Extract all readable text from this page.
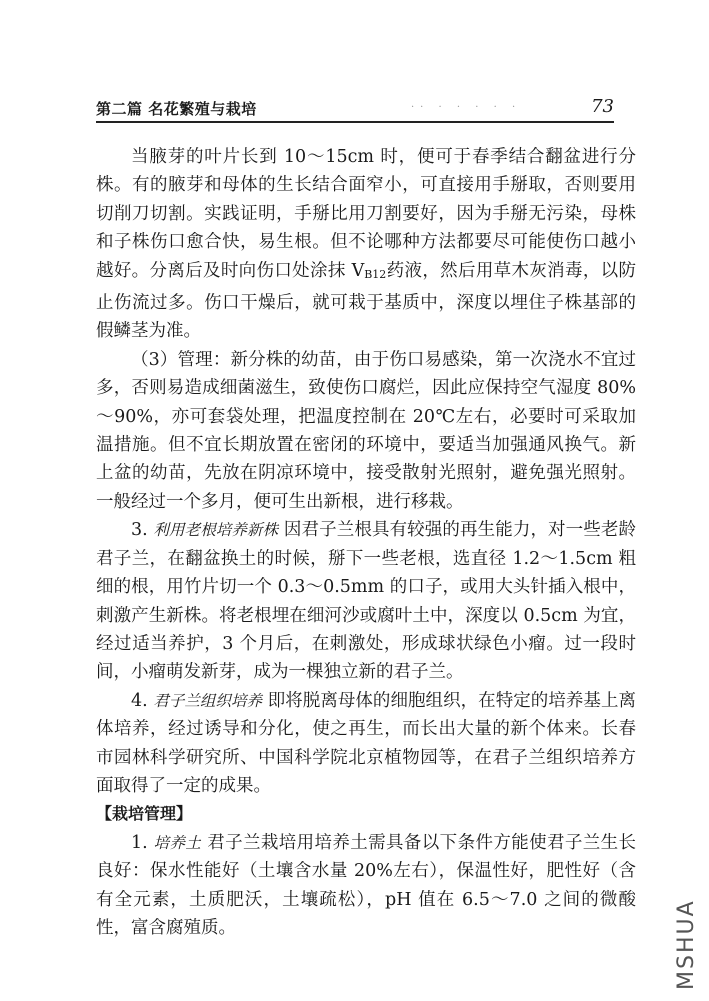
第二篇 名花繁殖与栽培	·· · · · · ·	73

当腋芽的叶片长到 10～15cm 时，便可于春季结合翻盆进行分株。有的腋芽和母体的生长结合面窄小，可直接用手掰取，否则要用切削刀切割。实践证明，手掰比用刀割要好，因为手掰无污染，母株和子株伤口愈合快，易生根。但不论哪种方法都要尽可能使伤口越小越好。分离后及时向伤口处涂抹 VB12药液，然后用草木灰消毒，以防止伤流过多。伤口干燥后，就可栽于基质中，深度以埋住子株基部的假鳞茎为准。

（3）管理：新分株的幼苗，由于伤口易感染，第一次浇水不宜过多，否则易造成细菌滋生，致使伤口腐烂，因此应保持空气湿度 80%～90%，亦可套袋处理，把温度控制在 20℃左右，必要时可采取加温措施。但不宜长期放置在密闭的环境中，要适当加强通风换气。新上盆的幼苗，先放在阴凉环境中，接受散射光照射，避免强光照射。一般经过一个多月，便可生出新根，进行移栽。

3. 利用老根培养新株 因君子兰根具有较强的再生能力，对一些老龄君子兰，在翻盆换土的时候，掰下一些老根，选直径 1.2～1.5cm 粗细的根，用竹片切一个 0.3～0.5mm 的口子，或用大头针插入根中，刺激产生新株。将老根埋在细河沙或腐叶土中，深度以 0.5cm 为宜，经过适当养护，3 个月后，在刺激处，形成球状绿色小瘤。过一段时间，小瘤萌发新芽，成为一棵独立新的君子兰。

4. 君子兰组织培养 即将脱离母体的细胞组织，在特定的培养基上离体培养，经过诱导和分化，使之再生，而长出大量的新个体来。长春市园林科学研究所、中国科学院北京植物园等，在君子兰组织培养方面取得了一定的成果。

【栽培管理】

1. 培养土 君子兰栽培用培养土需具备以下条件方能使君子兰生长良好：保水性能好（土壤含水量 20%左右），保温性好，肥性好（含有全元素，土质肥沃，土壤疏松），pH 值在 6.5～7.0 之间的微酸性，富含腐殖质。	MSHUA
